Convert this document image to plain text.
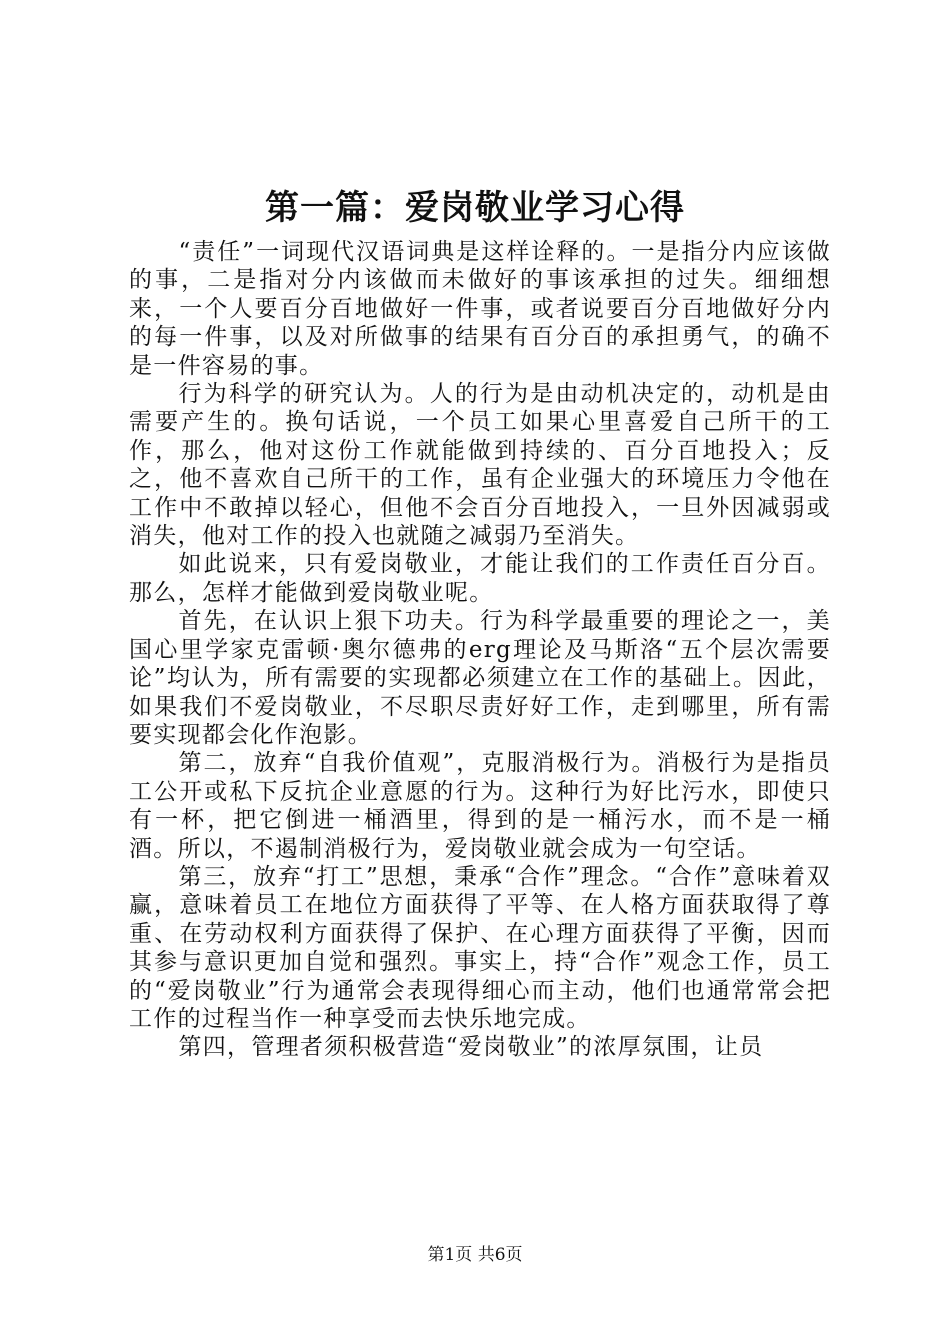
第一篇：爱岗敬业学习心得

“责任”一词现代汉语词典是这样诠释的。一是指分内应该做的事，二是指对分内该做而未做好的事该承担的过失。细细想来，一个人要百分百地做好一件事，或者说要百分百地做好分内的每一件事，以及对所做事的结果有百分百的承担勇气，的确不是一件容易的事。

行为科学的研究认为。人的行为是由动机决定的，动机是由需要产生的。换句话说，一个员工如果心里喜爱自己所干的工作，那么，他对这份工作就能做到持续的、百分百地投入；反之，他不喜欢自己所干的工作，虽有企业强大的环境压力令他在工作中不敢掉以轻心，但他不会百分百地投入，一旦外因减弱或消失，他对工作的投入也就随之减弱乃至消失。

如此说来，只有爱岗敬业，才能让我们的工作责任百分百。那么，怎样才能做到爱岗敬业呢。

首先，在认识上狠下功夫。行为科学最重要的理论之一，美国心里学家克雷顿·奥尔德弗的erg理论及马斯洛“五个层次需要论”均认为，所有需要的实现都必须建立在工作的基础上。因此，如果我们不爱岗敬业，不尽职尽责好好工作，走到哪里，所有需要实现都会化作泡影。

第二，放弃“自我价值观”，克服消极行为。消极行为是指员工公开或私下反抗企业意愿的行为。这种行为好比污水，即使只有一杯，把它倒进一桶酒里，得到的是一桶污水，而不是一桶酒。所以，不遏制消极行为，爱岗敬业就会成为一句空话。

第三，放弃“打工”思想，秉承“合作”理念。“合作”意味着双赢，意味着员工在地位方面获得了平等、在人格方面获取得了尊重、在劳动权利方面获得了保护、在心理方面获得了平衡，因而其参与意识更加自觉和强烈。事实上，持“合作”观念工作，员工的“爱岗敬业”行为通常会表现得细心而主动，他们也通常常会把工作的过程当作一种享受而去快乐地完成。

第四，管理者须积极营造“爱岗敬业”的浓厚氛围，让员

第1页 共6页
